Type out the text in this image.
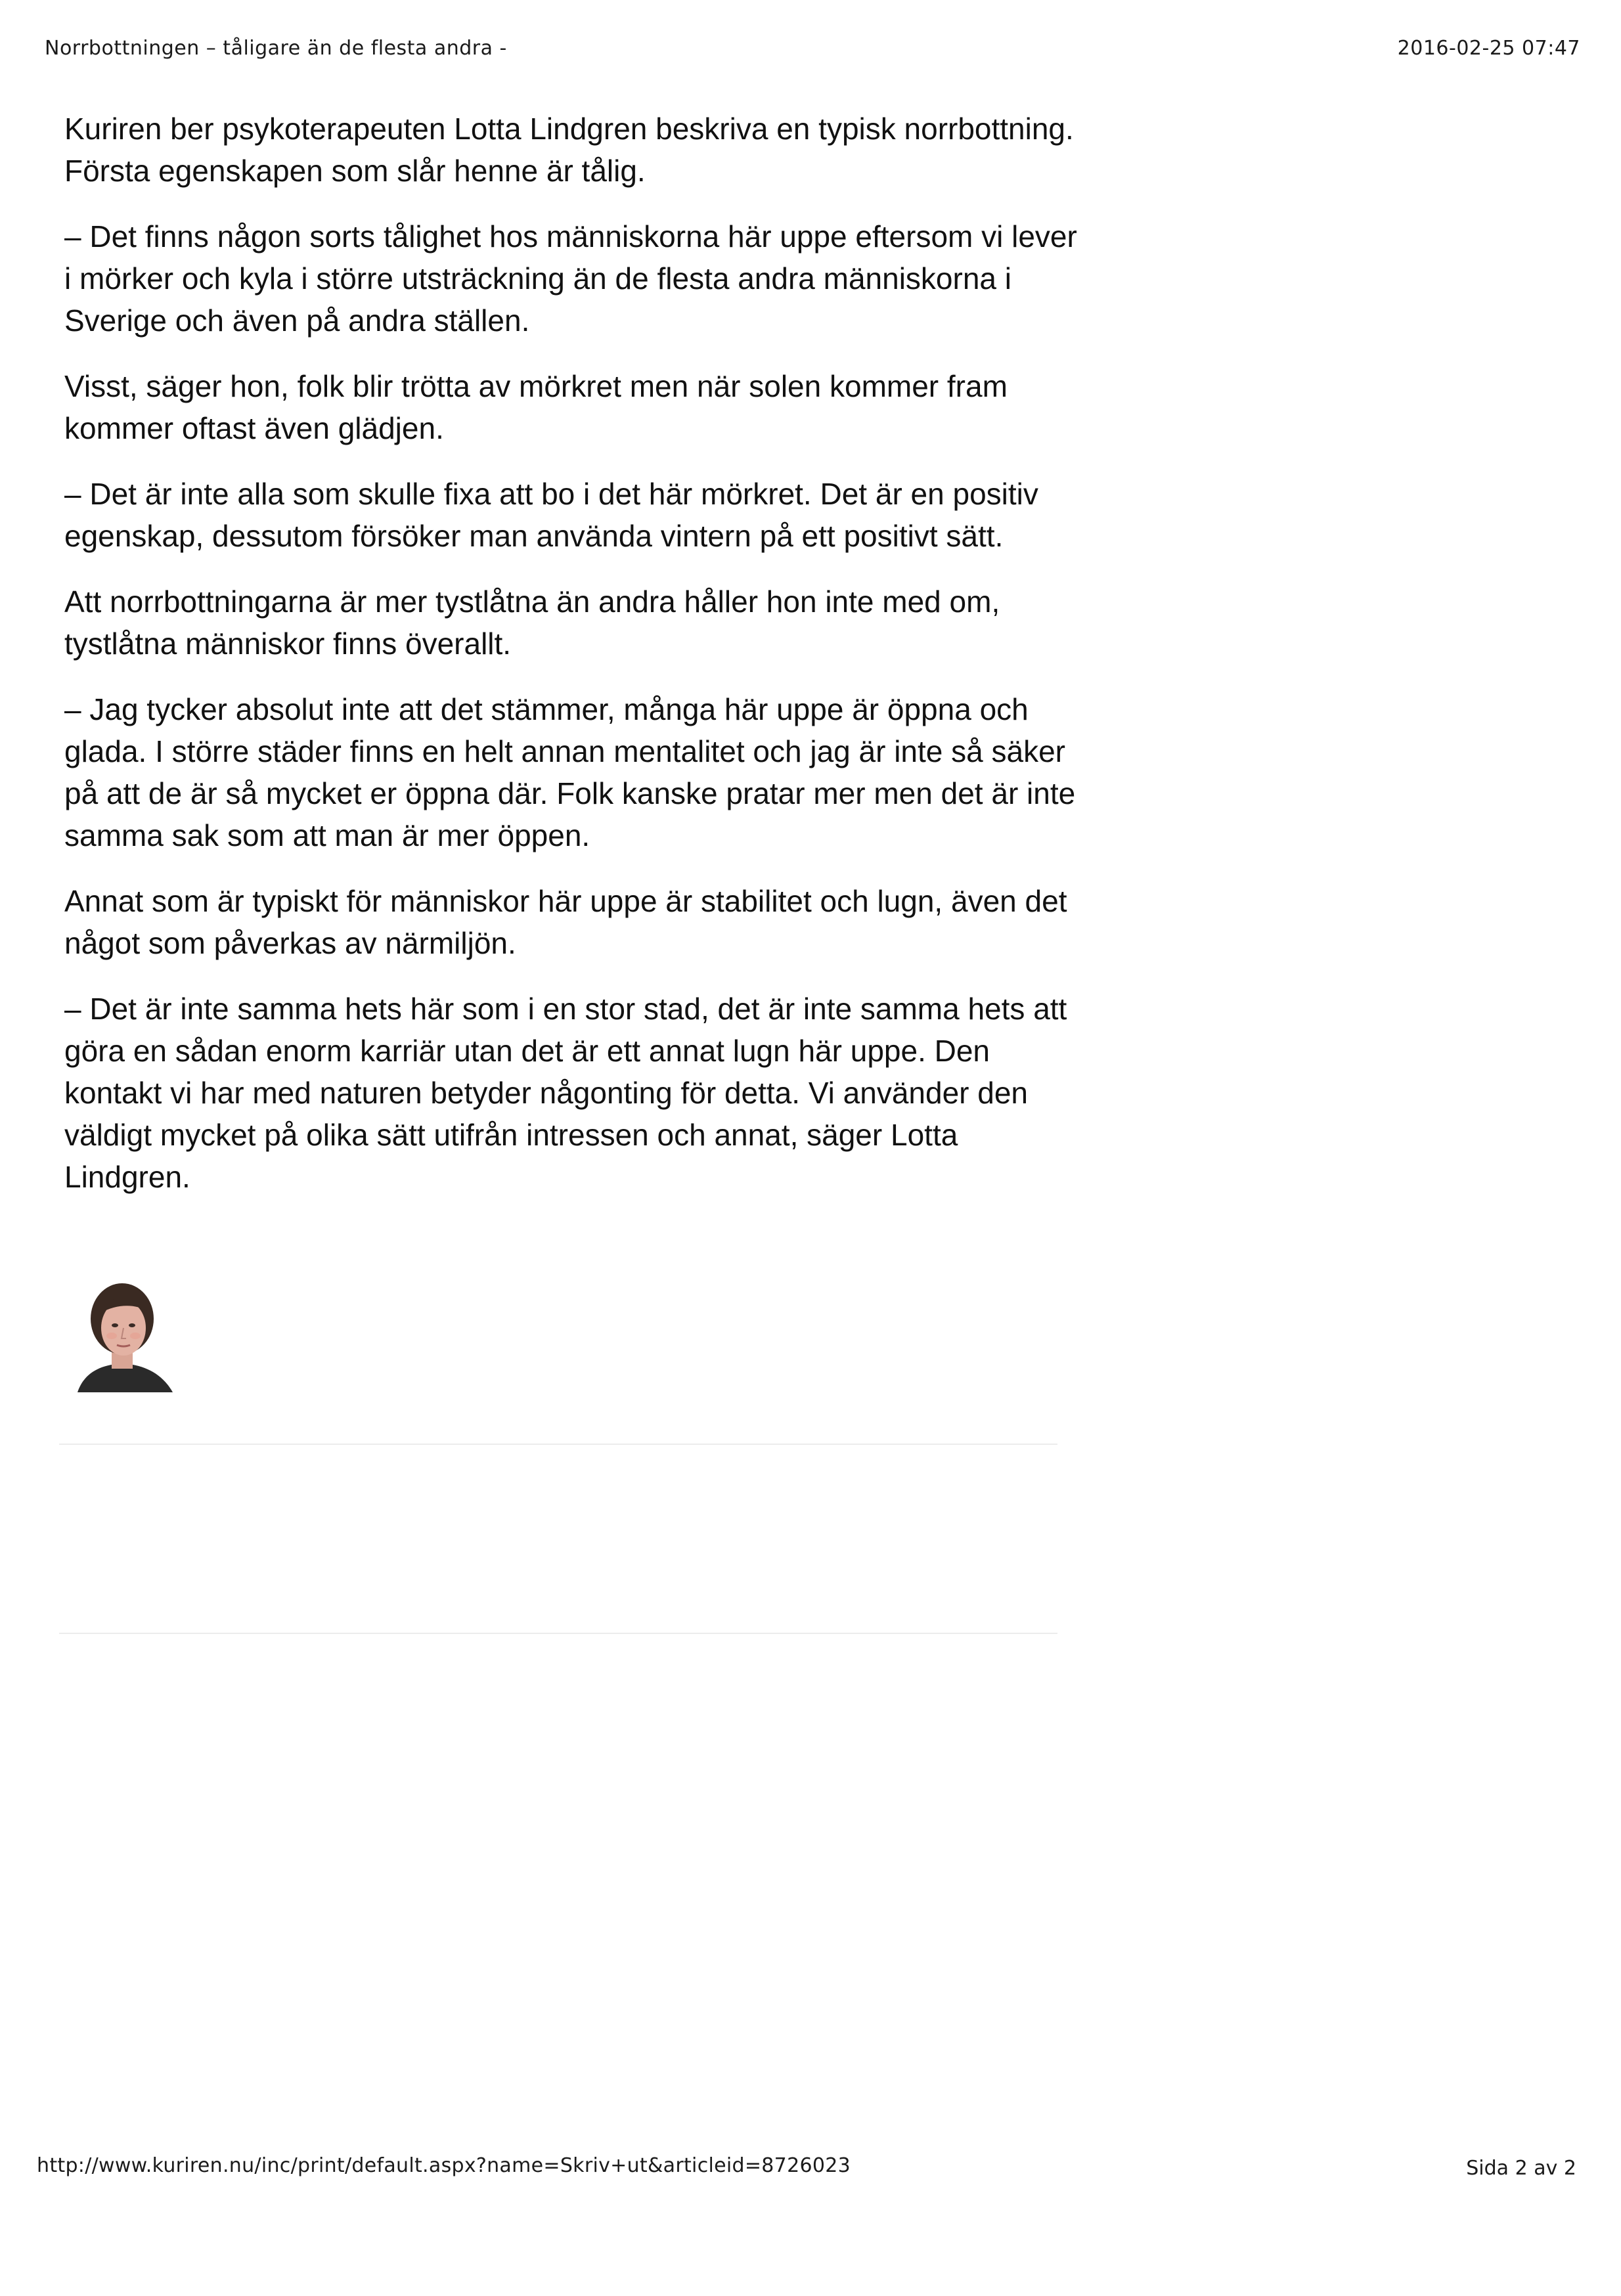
Norrbottningen – tåligare än de flesta andra -	2016-02-25 07:47

Kuriren ber psykoterapeuten Lotta Lindgren beskriva en typisk norrbottning. Första egenskapen som slår henne är tålig.

– Det finns någon sorts tålighet hos människorna här uppe eftersom vi lever i mörker och kyla i större utsträckning än de flesta andra människorna i Sverige och även på andra ställen.

Visst, säger hon, folk blir trötta av mörkret men när solen kommer fram kommer oftast även glädjen.

– Det är inte alla som skulle fixa att bo i det här mörkret. Det är en positiv egenskap, dessutom försöker man använda vintern på ett positivt sätt.

Att norrbottningarna är mer tystlåtna än andra håller hon inte med om, tystlåtna människor finns överallt.

– Jag tycker absolut inte att det stämmer, många här uppe är öppna och glada. I större städer finns en helt annan mentalitet och jag är inte så säker på att de är så mycket er öppna där. Folk kanske pratar mer men det är inte samma sak som att man är mer öppen.

Annat som är typiskt för människor här uppe är stabilitet och lugn, även det något som påverkas av närmiljön.

– Det är inte samma hets här som i en stor stad, det är inte samma hets att göra en sådan enorm karriär utan det är ett annat lugn här uppe. Den kontakt vi har med naturen betyder någonting för detta. Vi använder den väldigt mycket på olika sätt utifrån intressen och annat, säger Lotta Lindgren.

http://www.kuriren.nu/inc/print/default.aspx?name=Skriv+ut&articleid=8726023	Sida 2 av 2
